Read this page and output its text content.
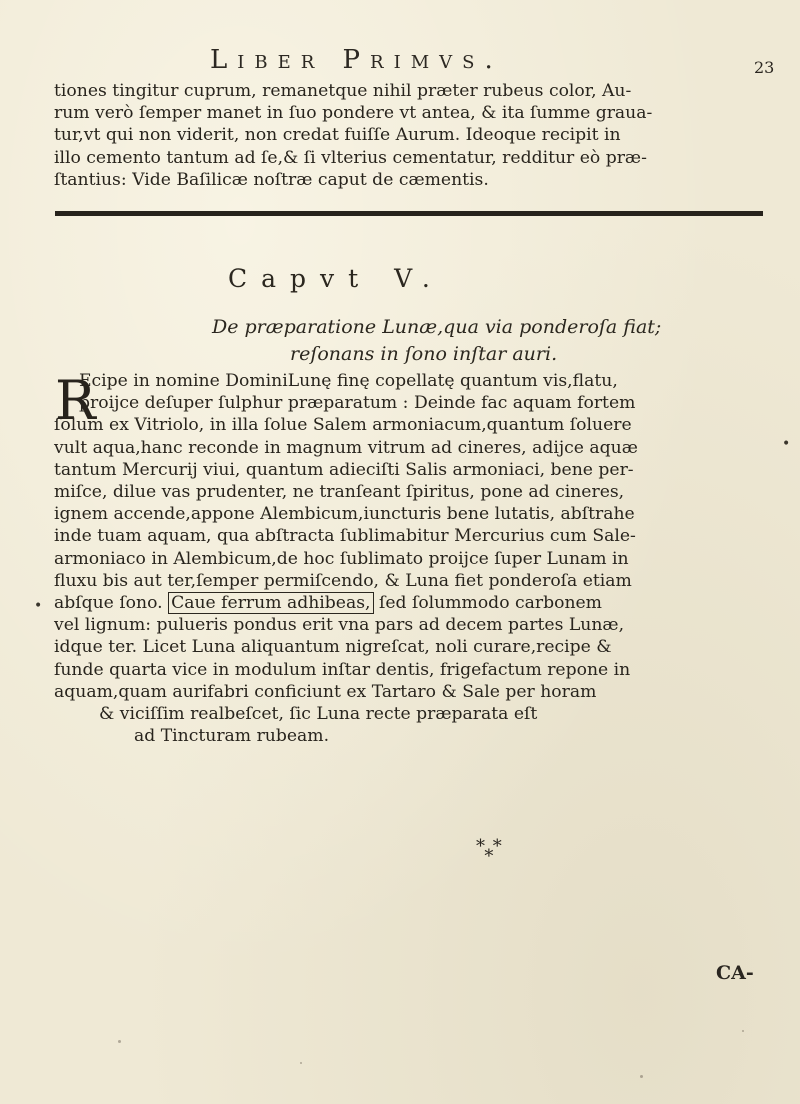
Liber Primvs.	23
tiones tingitur cuprum, remanetque nihil præter rubeus color, Au-
rum verò ſemper manet in ſuo pondere vt antea, & ita ſumme graua-
tur,vt qui non viderit, non credat fuiſſe Aurum. Ideoque recipit in
illo cemento tantum ad ſe,& ſi vlterius cementatur, redditur eò præ-
ſtantius: Vide Baſilicæ noſtræ caput de cæmentis.
Capvt V.
De præparatione Lunæ,qua via ponderoſa fiat;
reſonans in ſono inſtar auri.
R
Ecipe in nomine DominiLunę finę copellatę quantum vis,flatu,
proijce deſuper ſulphur præparatum : Deinde fac aquam fortem
ſolum ex Vitriolo, in illa ſolue Salem armoniacum,quantum ſoluere
vult aqua,hanc reconde in magnum vitrum ad cineres, adijce aquæ
tantum Mercurij viui, quantum adieciſti Salis armoniaci, bene per-
miſce, dilue vas prudenter, ne tranſeant ſpiritus, pone ad cineres,
ignem accende,appone Alembicum,iuncturis bene lutatis, abſtrahe
inde tuam aquam, qua abſtracta ſublimabitur Mercurius cum Sale-
armoniaco in Alembicum,de hoc ſublimato proijce ſuper Lunam in
fluxu bis aut ter,ſemper permiſcendo, & Luna fiet ponderoſa etiam
abſque ſono. Caue ferrum adhibeas, ſed ſolummodo carbonem
vel lignum: pulueris pondus erit vna pars ad decem partes Lunæ,
idque ter. Licet Luna aliquantum nigreſcat, noli curare,recipe &
funde quarta vice in modulum inſtar dentis, frigefactum repone in
aquam,quam aurifabri conficiunt ex Tartaro & Sale per horam
& viciſſim realbeſcet, ſic Luna recte præparata eſt
ad Tincturam rubeam.
* *
*
CA-
•
•
